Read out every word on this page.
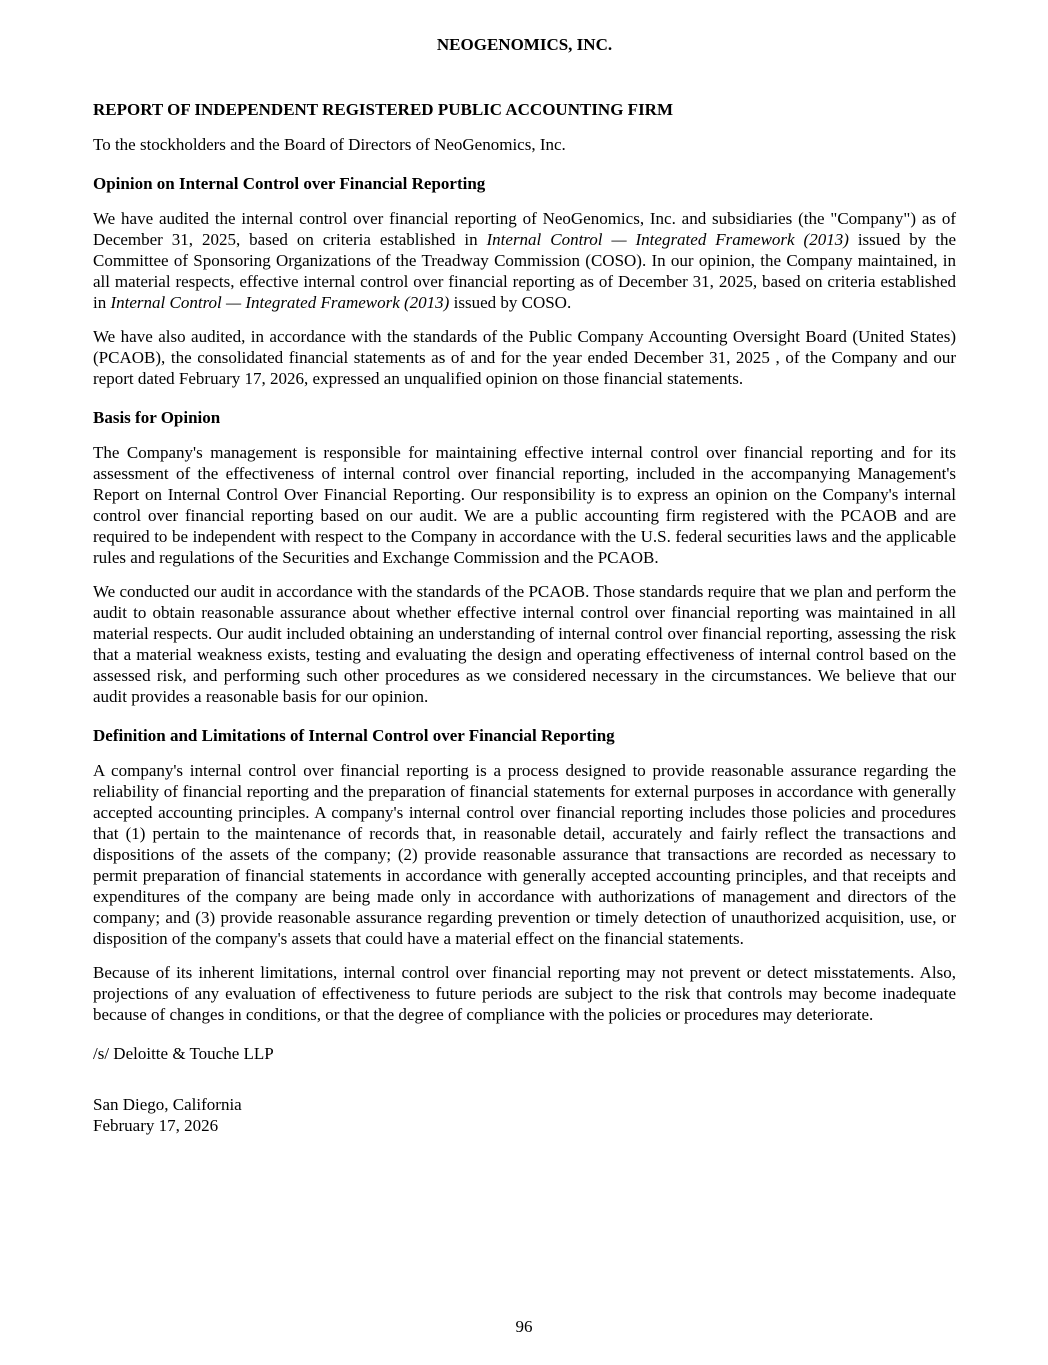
NEOGENOMICS, INC.
REPORT OF INDEPENDENT REGISTERED PUBLIC ACCOUNTING FIRM

To the stockholders and the Board of Directors of NeoGenomics, Inc.

Opinion on Internal Control over Financial Reporting

We have audited the internal control over financial reporting of NeoGenomics, Inc. and subsidiaries (the "Company") as of December 31, 2025, based on criteria established in Internal Control — Integrated Framework (2013) issued by the Committee of Sponsoring Organizations of the Treadway Commission (COSO). In our opinion, the Company maintained, in all material respects, effective internal control over financial reporting as of December 31, 2025, based on criteria established in Internal Control — Integrated Framework (2013) issued by COSO.

We have also audited, in accordance with the standards of the Public Company Accounting Oversight Board (United States) (PCAOB), the consolidated financial statements as of and for the year ended December 31, 2025 , of the Company and our report dated February 17, 2026, expressed an unqualified opinion on those financial statements.

Basis for Opinion

The Company's management is responsible for maintaining effective internal control over financial reporting and for its assessment of the effectiveness of internal control over financial reporting, included in the accompanying Management's Report on Internal Control Over Financial Reporting. Our responsibility is to express an opinion on the Company's internal control over financial reporting based on our audit. We are a public accounting firm registered with the PCAOB and are required to be independent with respect to the Company in accordance with the U.S. federal securities laws and the applicable rules and regulations of the Securities and Exchange Commission and the PCAOB.

We conducted our audit in accordance with the standards of the PCAOB. Those standards require that we plan and perform the audit to obtain reasonable assurance about whether effective internal control over financial reporting was maintained in all material respects. Our audit included obtaining an understanding of internal control over financial reporting, assessing the risk that a material weakness exists, testing and evaluating the design and operating effectiveness of internal control based on the assessed risk, and performing such other procedures as we considered necessary in the circumstances. We believe that our audit provides a reasonable basis for our opinion.

Definition and Limitations of Internal Control over Financial Reporting

A company's internal control over financial reporting is a process designed to provide reasonable assurance regarding the reliability of financial reporting and the preparation of financial statements for external purposes in accordance with generally accepted accounting principles. A company's internal control over financial reporting includes those policies and procedures that (1) pertain to the maintenance of records that, in reasonable detail, accurately and fairly reflect the transactions and dispositions of the assets of the company; (2) provide reasonable assurance that transactions are recorded as necessary to permit preparation of financial statements in accordance with generally accepted accounting principles, and that receipts and expenditures of the company are being made only in accordance with authorizations of management and directors of the company; and (3) provide reasonable assurance regarding prevention or timely detection of unauthorized acquisition, use, or disposition of the company's assets that could have a material effect on the financial statements.

Because of its inherent limitations, internal control over financial reporting may not prevent or detect misstatements. Also, projections of any evaluation of effectiveness to future periods are subject to the risk that controls may become inadequate because of changes in conditions, or that the degree of compliance with the policies or procedures may deteriorate.

/s/ Deloitte & Touche LLP

San Diego, California

February 17, 2026

96
